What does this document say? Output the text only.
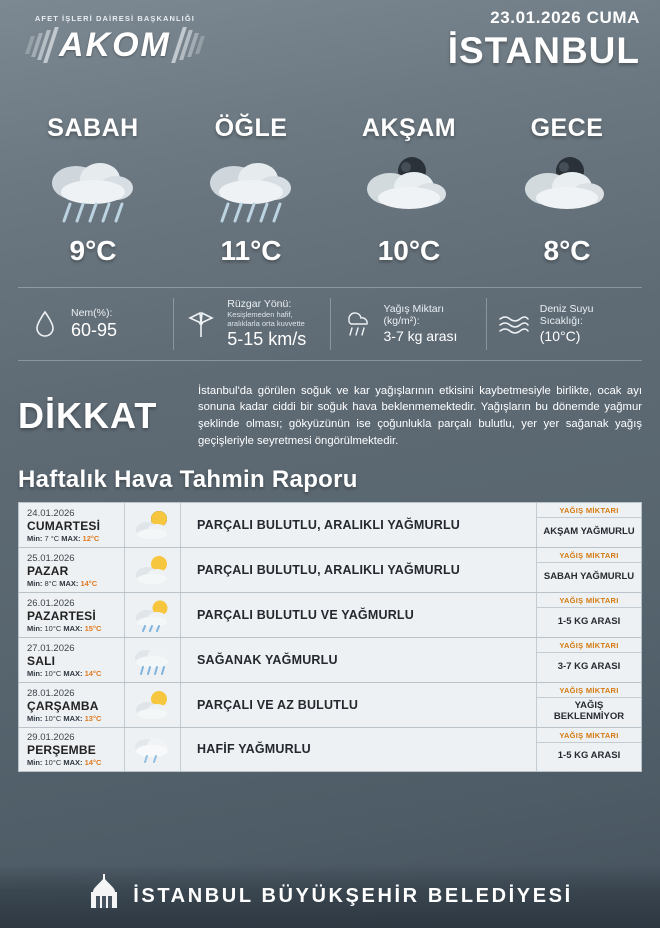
AFET İŞLERİ DAİRESİ BAŞKANLIĞI
AKOM
23.01.2026 CUMA
İSTANBUL
SABAH
9°C
ÖĞLE
11°C
AKŞAM
10°C
GECE
8°C
Nem(%):
60-95
Rüzgar Yönü:
Kesişlemeden hafif, aralıklarla orta kuvvette
5-15 km/s
Yağış Miktarı (kg/m²):
3-7 kg arası
Deniz Suyu Sıcaklığı:
(10°C)
DİKKAT
İstanbul'da görülen soğuk ve kar yağışlarının etkisini kaybetmesiyle birlikte, ocak ayı sonuna kadar ciddi bir soğuk hava beklenmemektedir. Yağışların bu dönemde yağmur şeklinde olması; gökyüzünün ise çoğunlukla parçalı bulutlu, yer yer sağanak yağış geçişleriyle seyretmesi öngörülmektedir.
Haftalık Hava Tahmin Raporu
24.01.2026
CUMARTESİ
Min: 7 °C MAX: 12°C
PARÇALI BULUTLU, ARALIKLI YAĞMURLU
YAĞIŞ MİKTARI
AKŞAM YAĞMURLU
25.01.2026
PAZAR
Min: 8°C MAX: 14°C
PARÇALI BULUTLU, ARALIKLI YAĞMURLU
YAĞIŞ MİKTARI
SABAH YAĞMURLU
26.01.2026
PAZARTESİ
Min: 10°C MAX: 15°C
PARÇALI BULUTLU VE YAĞMURLU
YAĞIŞ MİKTARI
1-5 KG ARASI
27.01.2026
SALI
Min: 10°C MAX: 14°C
SAĞANAK YAĞMURLU
YAĞIŞ MİKTARI
3-7 KG ARASI
28.01.2026
ÇARŞAMBA
Min: 10°C MAX: 13°C
PARÇALI VE AZ BULUTLU
YAĞIŞ MİKTARI
YAĞIŞ BEKLENMİYOR
29.01.2026
PERŞEMBE
Min: 10°C MAX: 14°C
HAFİF YAĞMURLU
YAĞIŞ MİKTARI
1-5 KG ARASI
İSTANBUL BÜYÜKŞEHİR BELEDİYESİ
